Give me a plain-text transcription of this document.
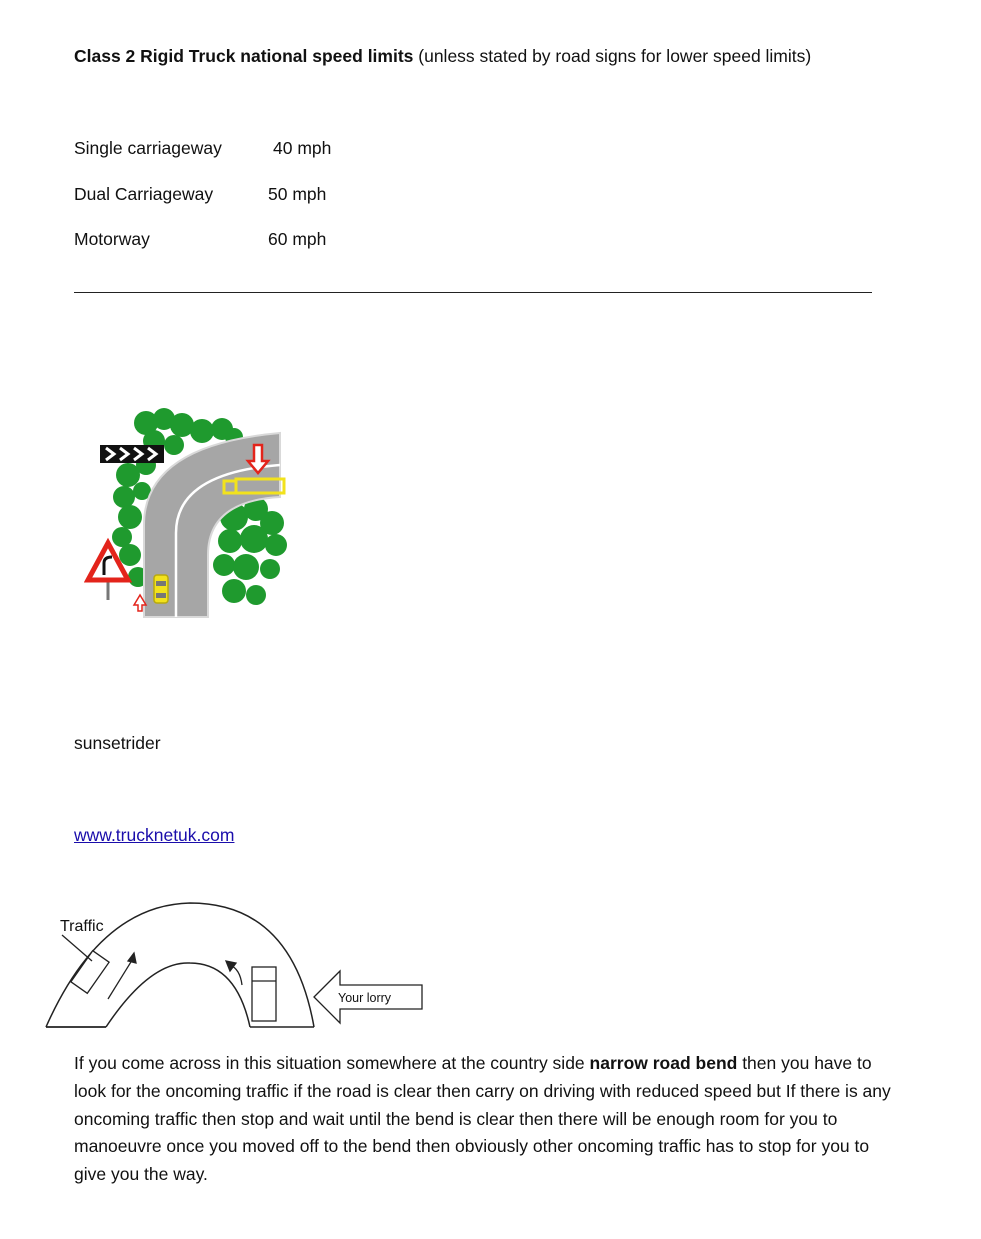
Class 2 Rigid Truck national speed limits (unless stated by road signs for lower speed limits)
Single carriageway	40 mph
Dual Carriageway	50 mph
Motorway	60 mph
sunsetrider
www.trucknetuk.com
Your lorry
Traffic
If you come across in this situation somewhere at the country side narrow road bend then you have to look for the oncoming traffic if the road is clear then carry on driving with reduced speed but If there is any oncoming traffic then stop and wait until the bend is clear then there will be enough room for you to manoeuvre once you moved off to the bend then obviously other oncoming traffic has to stop for you to give you the way.
